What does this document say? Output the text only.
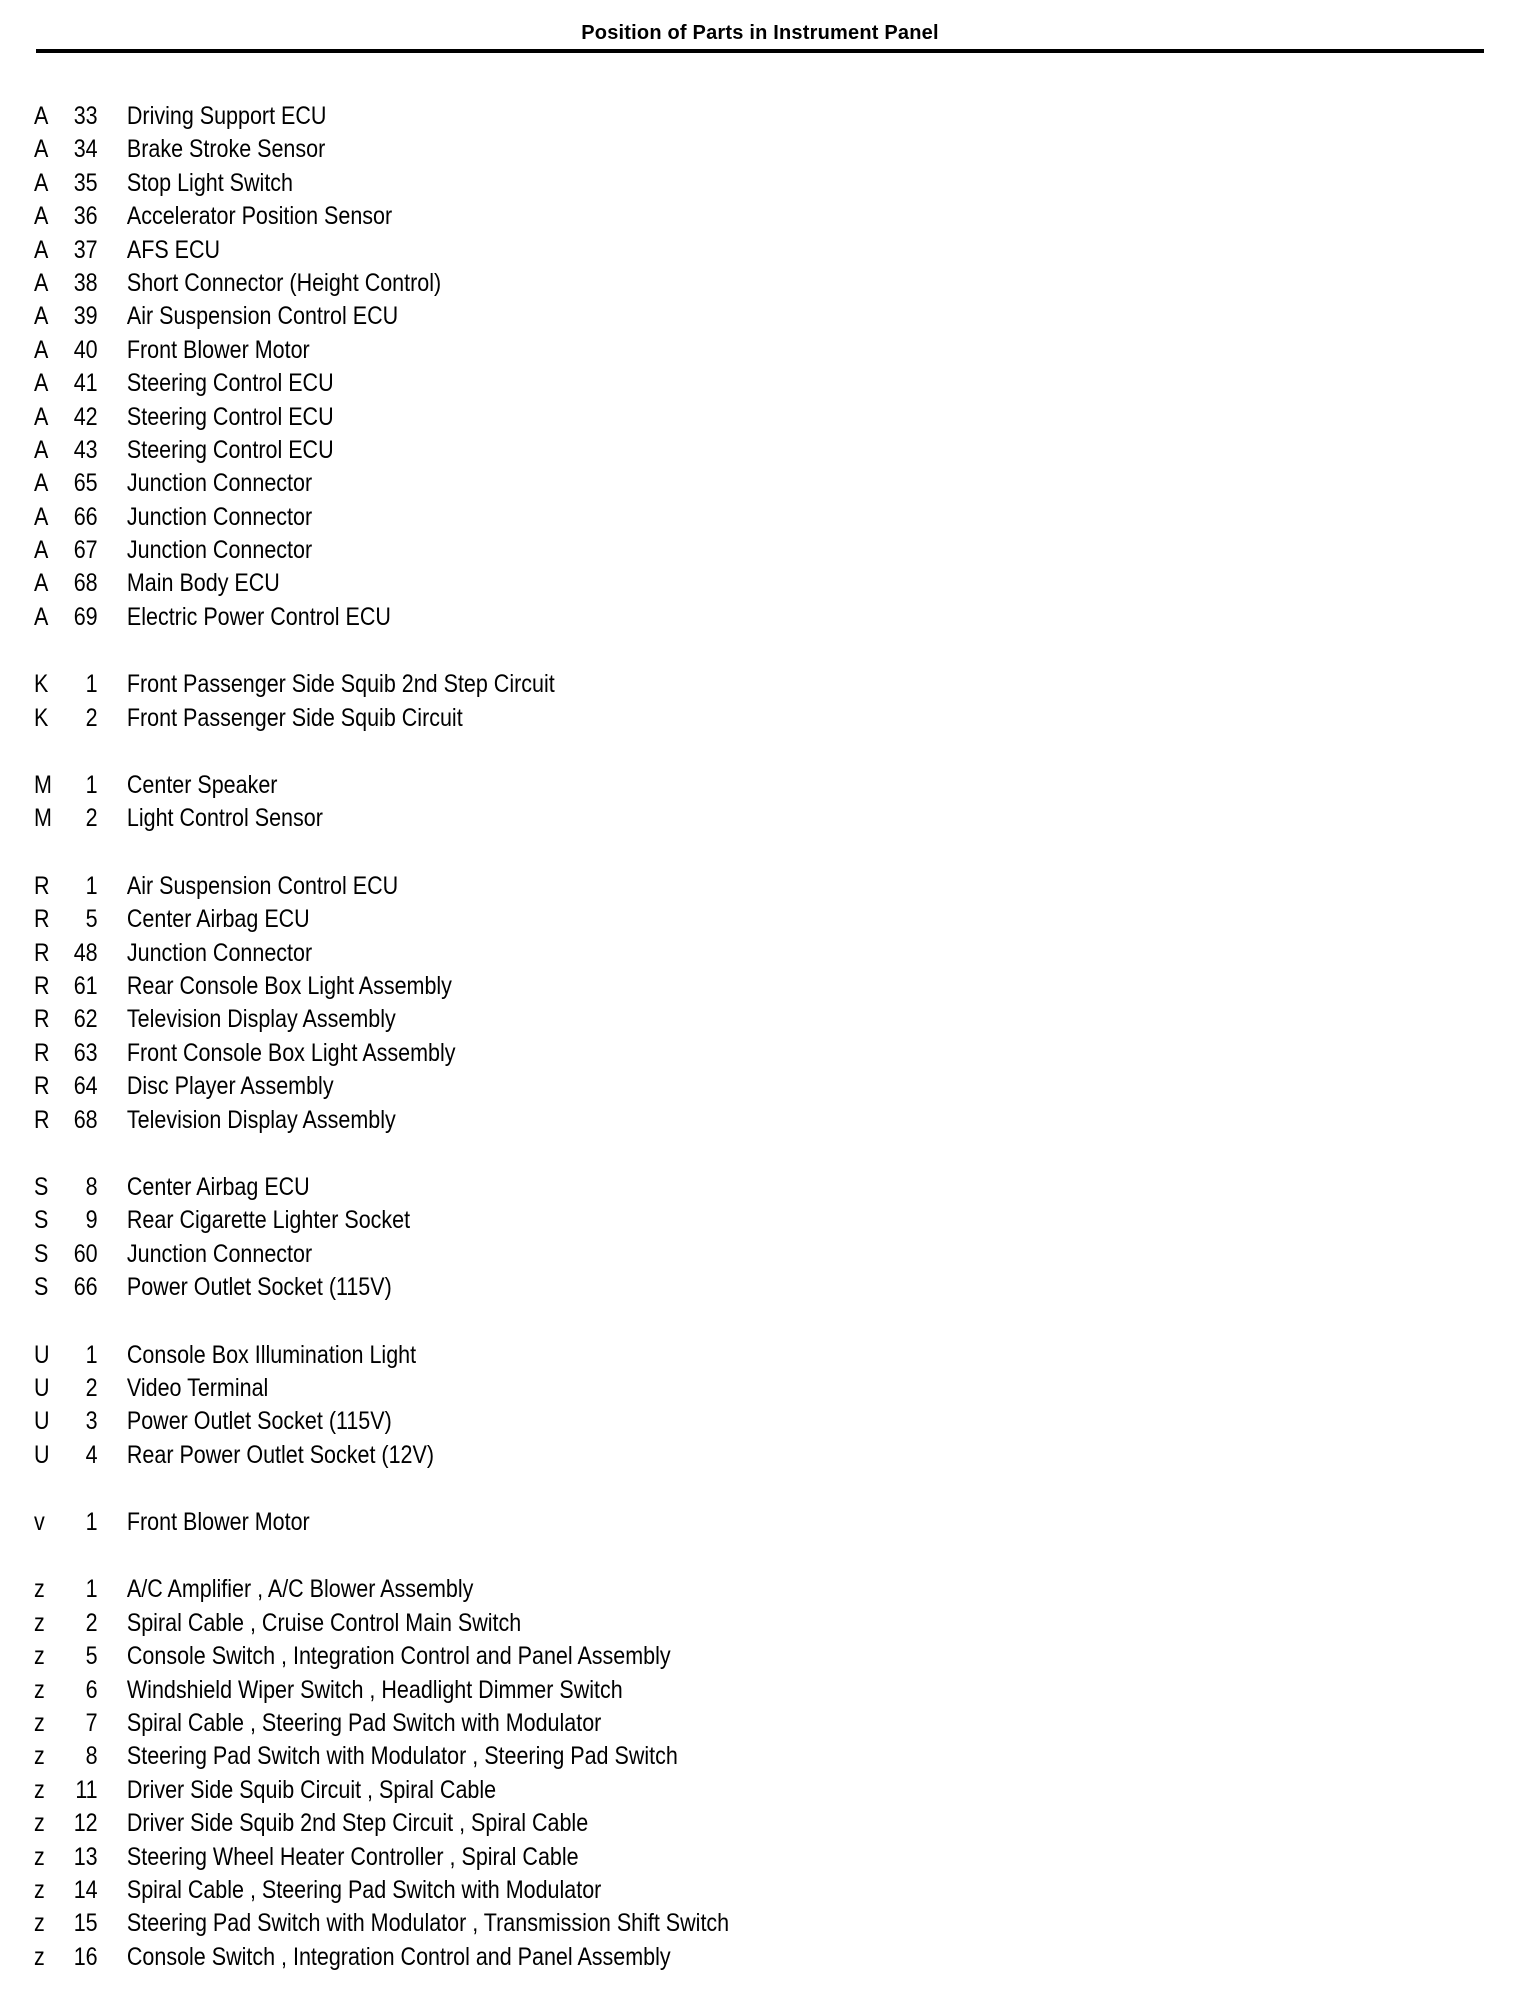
Position of Parts in Instrument Panel
A	33 Driving Support ECU
A	34 Brake Stroke Sensor
A	35 Stop Light Switch
A	36 Accelerator Position Sensor
A	37 AFS ECU
A	38 Short Connector (Height Control)
A	39 Air Suspension Control ECU
A	40 Front Blower Motor
A	41 Steering Control ECU
A	42 Steering Control ECU
A	43 Steering Control ECU
A	65 Junction Connector
A	66 Junction Connector
A	67 Junction Connector
A	68 Main Body ECU
A	69 Electric Power Control ECU
K	1 Front Passenger Side Squib 2nd Step Circuit
K	2 Front Passenger Side Squib Circuit
M	1 Center Speaker
M	2 Light Control Sensor
R	1 Air Suspension Control ECU
R	5 Center Airbag ECU
R 48 Junction Connector
R 61 Rear Console Box Light Assembly
R 62 Television Display Assembly
R 63 Front Console Box Light Assembly
R 64 Disc Player Assembly
R 68 Television Display Assembly
S	8 Center Airbag ECU
S	9 Rear Cigarette Lighter Socket
S	60 Junction Connector
S	66 Power Outlet Socket (115V)
U	1 Console Box Illumination Light
U	2 Video Terminal
U	3 Power Outlet Socket (115V)
U	4 Rear Power Outlet Socket (12V)
v	1 Front Blower Motor
z	1 A/C Amplifier , A/C Blower Assembly
z	2 Spiral Cable , Cruise Control Main Switch
z	5 Console Switch , Integration Control and Panel Assembly
z	6 Windshield Wiper Switch , Headlight Dimmer Switch
z	7 Spiral Cable , Steering Pad Switch with Modulator
z	8 Steering Pad Switch with Modulator , Steering Pad Switch
z	11 Driver Side Squib Circuit , Spiral Cable
z	12 Driver Side Squib 2nd Step Circuit , Spiral Cable
z	13 Steering Wheel Heater Controller , Spiral Cable
z	14 Spiral Cable , Steering Pad Switch with Modulator
z	15 Steering Pad Switch with Modulator , Transmission Shift Switch
z	16 Console Switch , Integration Control and Panel Assembly
